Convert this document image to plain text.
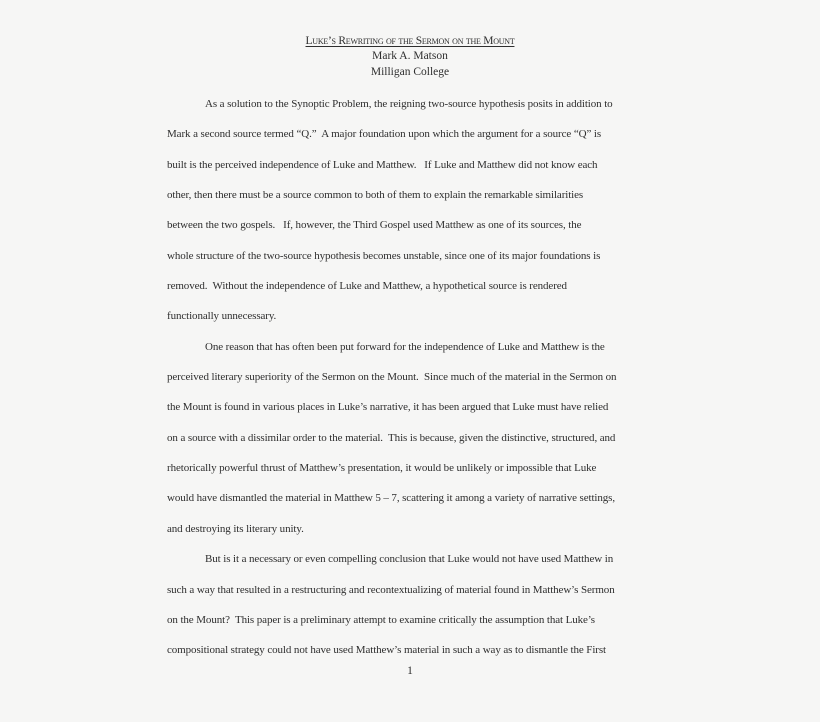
Luke’s Rewriting of the Sermon on the Mount
Mark A. Matson
Milligan College
As a solution to the Synoptic Problem, the reigning two-source hypothesis posits in addition to
Mark a second source termed “Q.”  A major foundation upon which the argument for a source “Q” is
built is the perceived independence of Luke and Matthew.   If Luke and Matthew did not know each
other, then there must be a source common to both of them to explain the remarkable similarities
between the two gospels.   If, however, the Third Gospel used Matthew as one of its sources, the
whole structure of the two-source hypothesis becomes unstable, since one of its major foundations is
removed.  Without the independence of Luke and Matthew, a hypothetical source is rendered
functionally unnecessary.
One reason that has often been put forward for the independence of Luke and Matthew is the
perceived literary superiority of the Sermon on the Mount.  Since much of the material in the Sermon on
the Mount is found in various places in Luke’s narrative, it has been argued that Luke must have relied
on a source with a dissimilar order to the material.  This is because, given the distinctive, structured, and
rhetorically powerful thrust of Matthew’s presentation, it would be unlikely or impossible that Luke
would have dismantled the material in Matthew 5 – 7, scattering it among a variety of narrative settings,
and destroying its literary unity.
But is it a necessary or even compelling conclusion that Luke would not have used Matthew in
such a way that resulted in a restructuring and recontextualizing of material found in Matthew’s Sermon
on the Mount?  This paper is a preliminary attempt to examine critically the assumption that Luke’s
compositional strategy could not have used Matthew’s material in such a way as to dismantle the First
1
